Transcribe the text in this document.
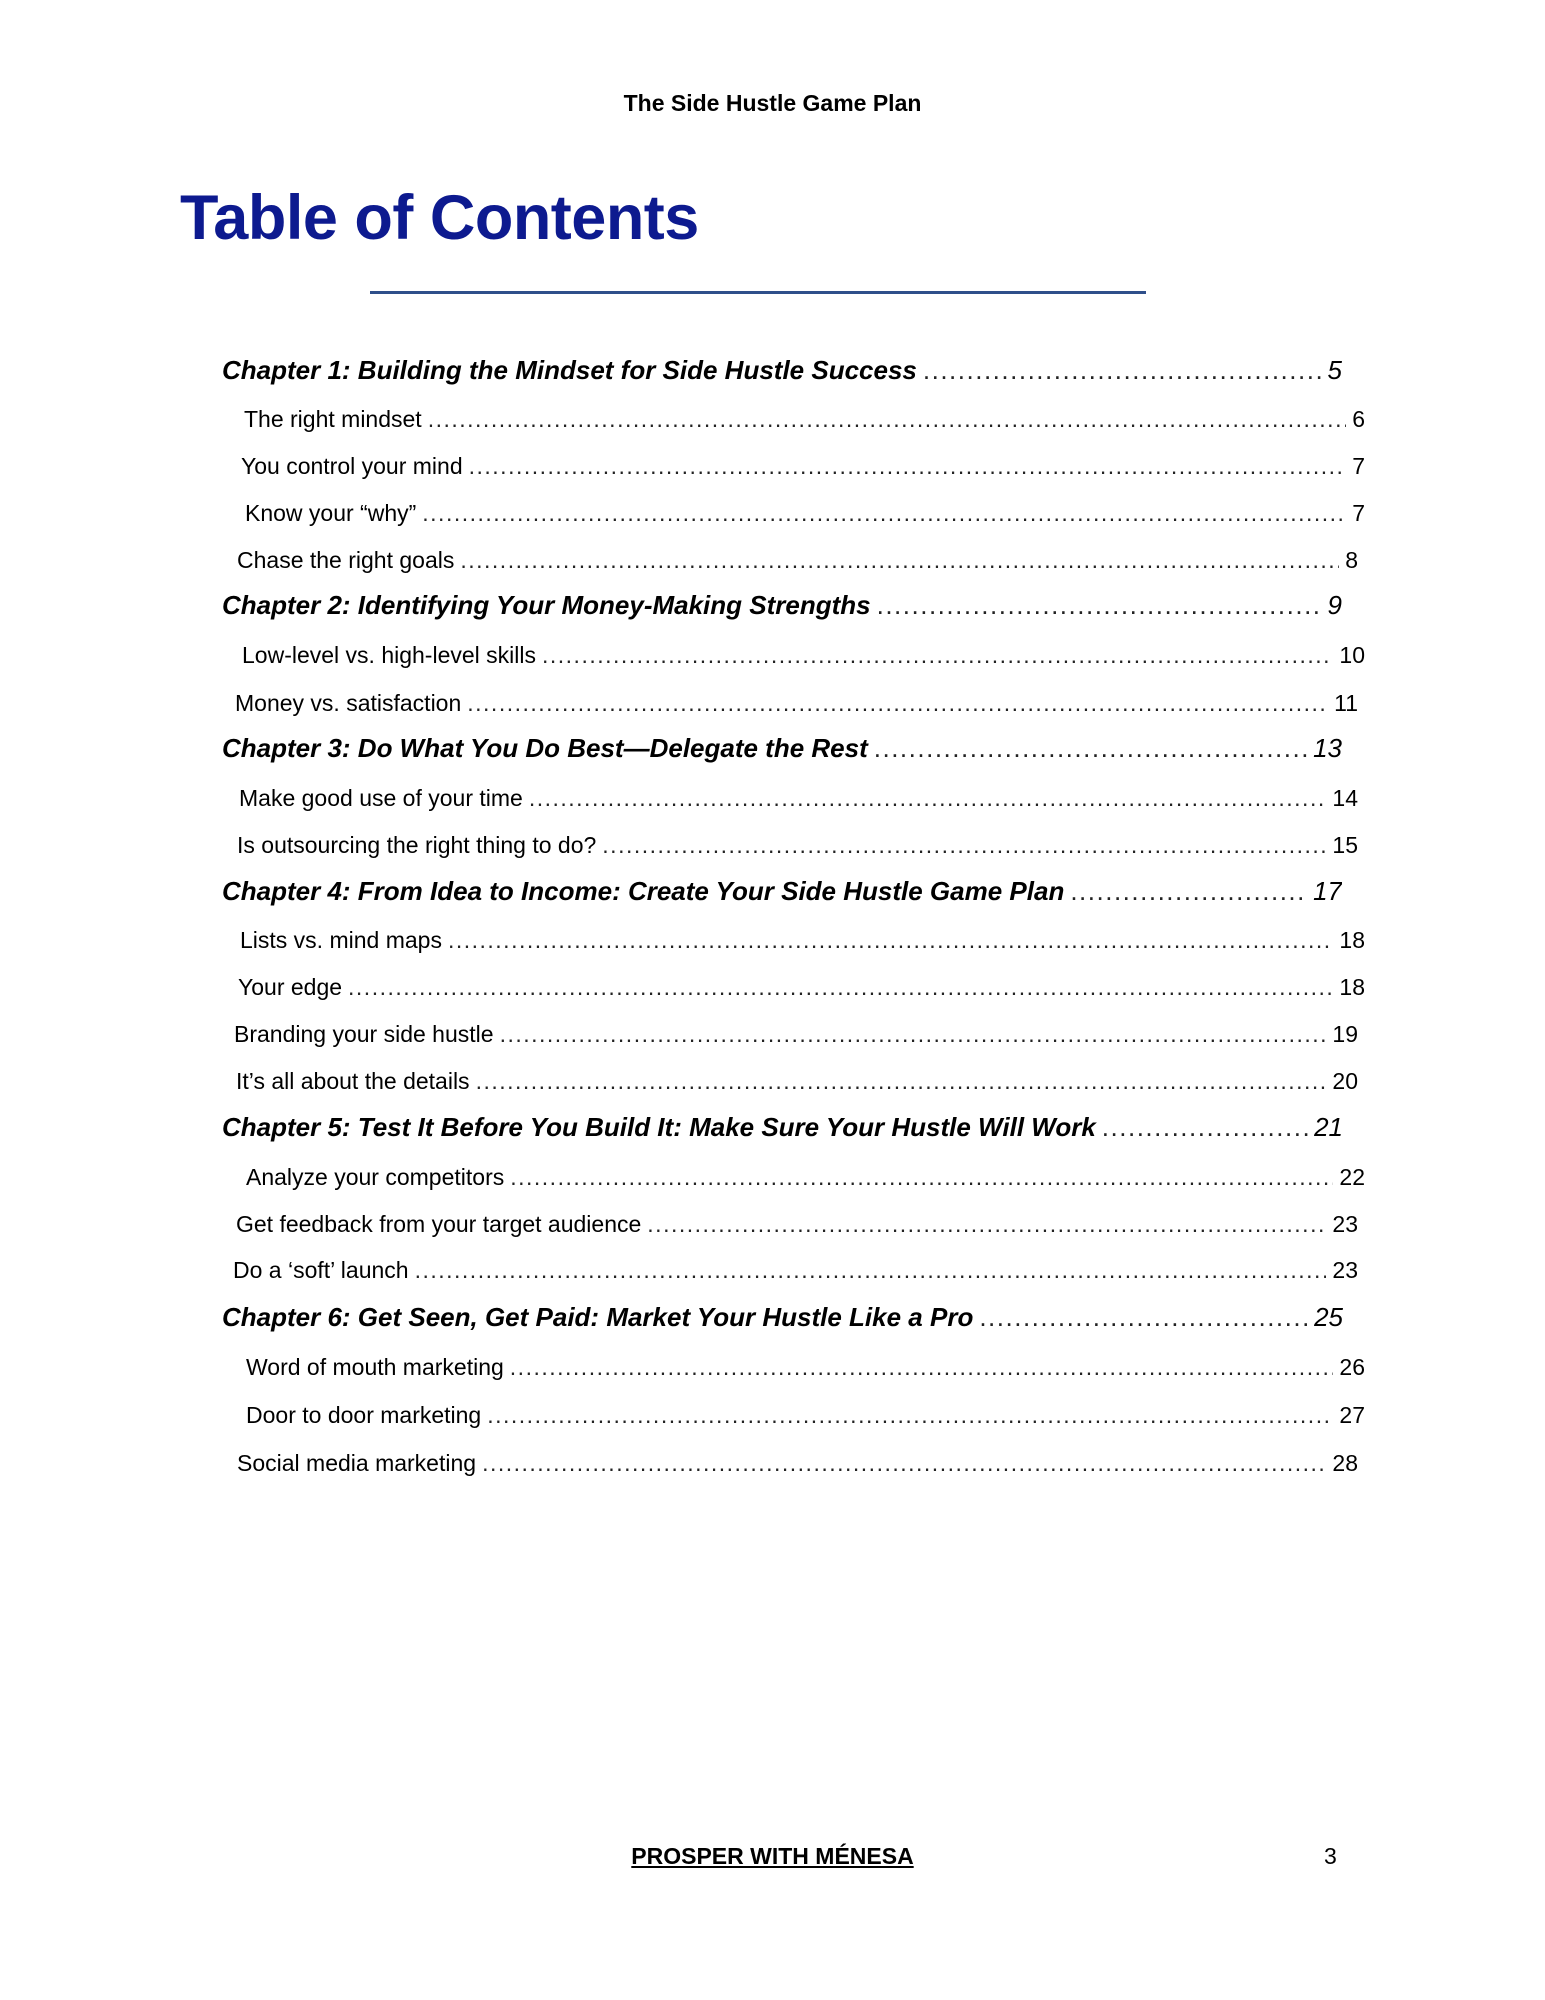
The Side Hustle Game Plan
Table of Contents
Chapter 1: Building the Mindset for Side Hustle Success .....	5
The right mindset .....	6
You control your mind .....	7
Know your “why” .....	7
Chase the right goals .....	8
Chapter 2: Identifying Your Money-Making Strengths .....	9
Low-level vs. high-level skills .....	10
Money vs. satisfaction .....	11
Chapter 3: Do What You Do Best—Delegate the Rest .....	13
Make good use of your time .....	14
Is outsourcing the right thing to do? .....	15
Chapter 4: From Idea to Income: Create Your Side Hustle Game Plan .....	17
Lists vs. mind maps .....	18
Your edge .....	18
Branding your side hustle .....	19
It’s all about the details .....	20
Chapter 5: Test It Before You Build It: Make Sure Your Hustle Will Work .....	21
Analyze your competitors .....	22
Get feedback from your target audience .....	23
Do a ‘soft’ launch .....	23
Chapter 6: Get Seen, Get Paid: Market Your Hustle Like a Pro .....	25
Word of mouth marketing .....	26
Door to door marketing .....	27
Social media marketing .....	28
PROSPER WITH MÉNESA	3
